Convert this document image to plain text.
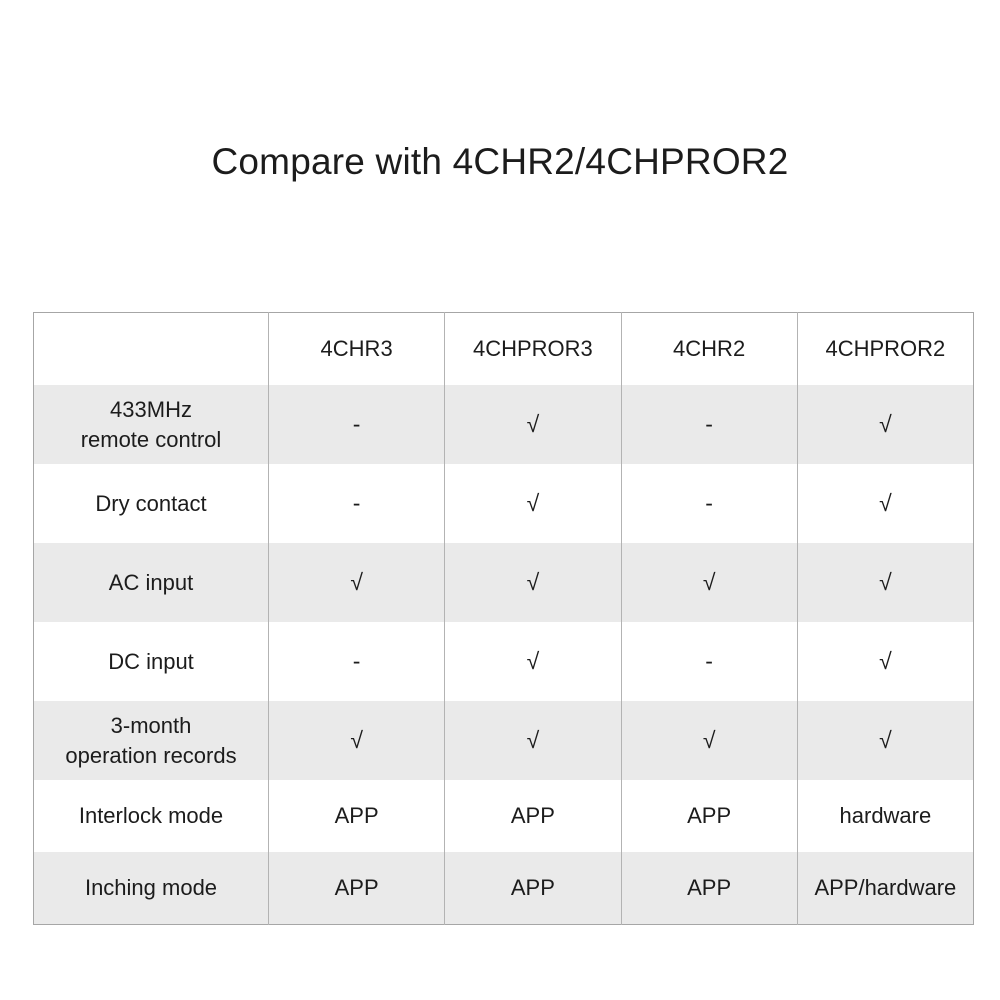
Compare with 4CHR2/4CHPROR2
	4CHR3	4CHPROR3	4CHR2	4CHPROR2

433MHz
remote control	-	√	-	√

Dry contact	-	√	-	√

AC input	√	√	√	√

DC input	-	√	-	√

3-month
operation records	√	√	√	√

Interlock mode	APP	APP	APP	hardware

Inching mode	APP	APP	APP	APP/hardware
